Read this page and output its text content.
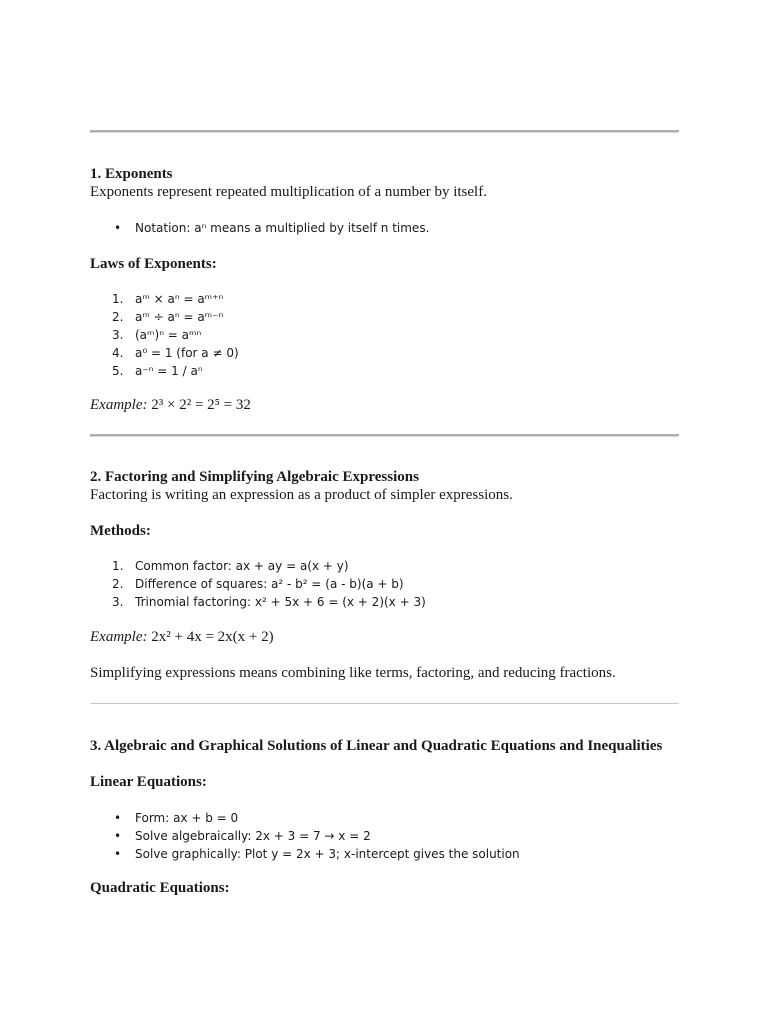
1. Exponents
Exponents represent repeated multiplication of a number by itself.
• Notation: aⁿ means a multiplied by itself n times.
Laws of Exponents:
1. aᵐ × aⁿ = aᵐ⁺ⁿ
2. aᵐ ÷ aⁿ = aᵐ⁻ⁿ
3. (aᵐ)ⁿ = aᵐⁿ
4. a⁰ = 1 (for a ≠ 0)
5. a⁻ⁿ = 1 / aⁿ
Example: 2³ × 2² = 2⁵ = 32
2. Factoring and Simplifying Algebraic Expressions
Factoring is writing an expression as a product of simpler expressions.
Methods:
1. Common factor: ax + ay = a(x + y)
2. Difference of squares: a² - b² = (a - b)(a + b)
3. Trinomial factoring: x² + 5x + 6 = (x + 2)(x + 3)
Example: 2x² + 4x = 2x(x + 2)
Simplifying expressions means combining like terms, factoring, and reducing fractions.
3. Algebraic and Graphical Solutions of Linear and Quadratic Equations and Inequalities
Linear Equations:
• Form: ax + b = 0
• Solve algebraically: 2x + 3 = 7 → x = 2
• Solve graphically: Plot y = 2x + 3; x-intercept gives the solution
Quadratic Equations:
